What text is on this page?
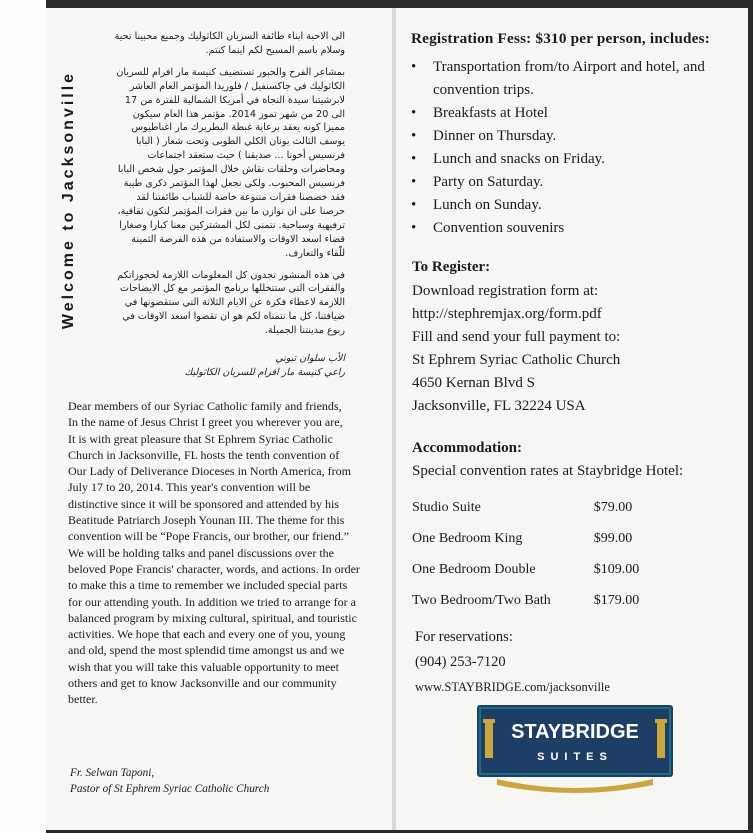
Welcome to Jacksonville

الى الاحبة ابناء طائفة السريان الكاثوليك وجميع محبينا تحية وسلام باسم المسيح لكم اينما كنتم.

بمشاعر الفرح والحبور تستضيف كنيسة مار افرام للسريان الكاثوليك في جاكسنفيل / فلوريدا المؤتمر العام العاشر لابرشيتنا سيدة النجاة في أمريكا الشمالية للفترة من 17 الى 20 من شهر تموز 2014. مؤتمر هذا العام سيكون مميزا كونه يعقد برعاية غبطة البطريرك مار اغناطيوس يوسف الثالث يونان الكلي الطوبى وتحت شعار ( البابا فرنسيس أخونا ... صديقنا ) حيث ستعقد اجتماعات ومحاضرات وحلقات نقاش خلال المؤتمر حول شخص البابا فرنسيس المحبوب. ولكي نجعل لهذا المؤتمر ذكرى طيبة فقد خصصنا فقرات متنوعة خاصة للشباب طائفتنا لقد حرصنا على ان نوازن ما بين فقرات المؤتمر لتكون ثقافية، ترفيهية وسياحية. نتمنى لكل المشتركين معنا كبارا وصغارا قضاء اسعد الاوقات والاستفادة من هذه الفرصة الثمينة للّقاء والتعارف.

في هذه المنشور تجدون كل المعلومات اللازمة لحجوزاتكم والفقرات التي ستتخللها برنامج المؤتمر مع كل الايضاحات اللازمة لاعطاء فكرة عن الايام الثلاثة التي ستقضونها في ضيافتنا، كل ما نتمناه لكم هو ان تقضوا اسعد الاوقات في ربوع مدينتنا الجميلة.

الأب سلوان تبوني
راعي كنيسة مار افرام للسريان الكاثوليك

Dear members of our Syriac Catholic family and friends,

In the name of Jesus Christ I greet you wherever you are,

It is with great pleasure that St Ephrem Syriac Catholic Church in Jacksonville, FL hosts the tenth convention of Our Lady of Deliverance Dioceses in North America, from July 17 to 20, 2014. This year's convention will be distinctive since it will be sponsored and attended by his Beatitude Patriarch Joseph Younan III. The theme for this convention will be “Pope Francis, our brother, our friend.” We will be holding talks and panel discussions over the beloved Pope Francis' character, words, and actions. In order to make this a time to remember we included special parts for our attending youth. In addition we tried to arrange for a balanced program by mixing cultural, spiritual, and touristic activities. We hope that each and every one of you, young and old, spend the most splendid time amongst us and we wish that you will take this valuable opportunity to meet others and get to know Jacksonville and our community better.

Fr. Selwan Taponi,
Pastor of St Ephrem Syriac Catholic Church

Registration Fess: $310 per person, includes:

• Transportation from/to Airport and hotel, and convention trips.
• Breakfasts at Hotel
• Dinner on Thursday.
• Lunch and snacks on Friday.
• Party on Saturday.
• Lunch on Sunday.
• Convention souvenirs

To Register:

Download registration form at:
http://stephremjax.org/form.pdf
Fill and send your full payment to:
St Ephrem Syriac Catholic Church
4650 Kernan Blvd S
Jacksonville, FL 32224 USA

Accommodation:

Special convention rates at Staybridge Hotel:
Studio Suite	$79.00
One Bedroom King	$99.00
One Bedroom Double	$109.00
Two Bedroom/Two Bath	$179.00
For reservations:
(904) 253-7120
www.STAYBRIDGE.com/jacksonville
STAYBRIDGE
SUITES
